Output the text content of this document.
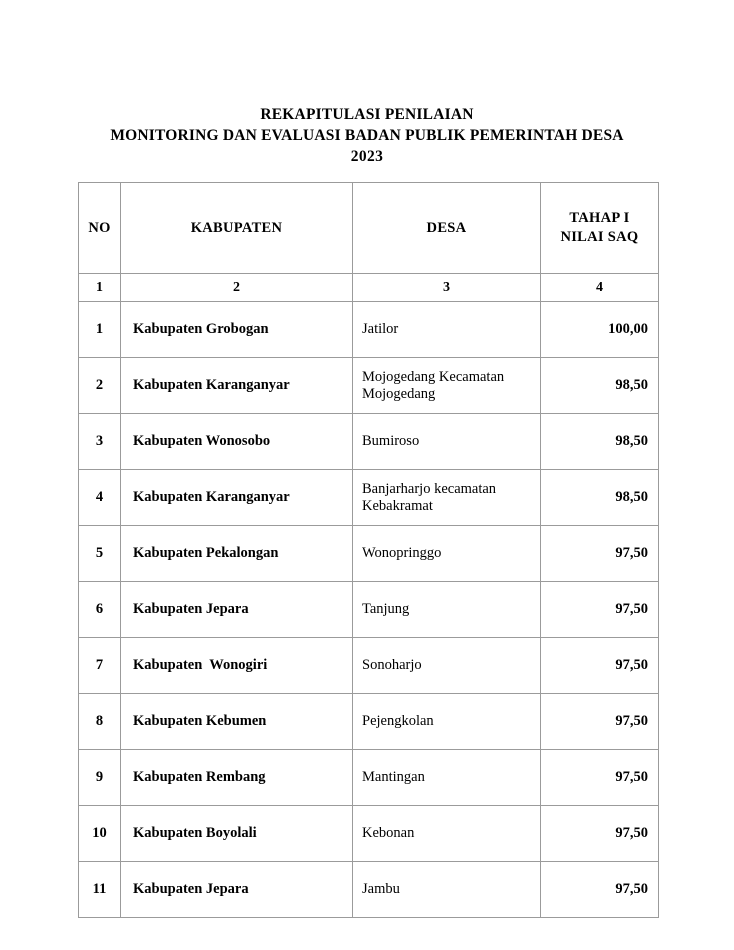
REKAPITULASI PENILAIAN
MONITORING DAN EVALUASI BADAN PUBLIK PEMERINTAH DESA
2023
NO	KABUPATEN	DESA	TAHAP I
NILAI SAQ
1	2	3	4
1	Kabupaten Grobogan	Jatilor	100,00
2	Kabupaten Karanganyar	Mojogedang Kecamatan Mojogedang	98,50
3	Kabupaten Wonosobo	Bumiroso	98,50
4	Kabupaten Karanganyar	Banjarharjo kecamatan Kebakramat	98,50
5	Kabupaten Pekalongan	Wonopringgo	97,50
6	Kabupaten Jepara	Tanjung	97,50
7	Kabupaten  Wonogiri	Sonoharjo	97,50
8	Kabupaten Kebumen	Pejengkolan	97,50
9	Kabupaten Rembang	Mantingan	97,50
10	Kabupaten Boyolali	Kebonan	97,50
11	Kabupaten Jepara	Jambu	97,50
